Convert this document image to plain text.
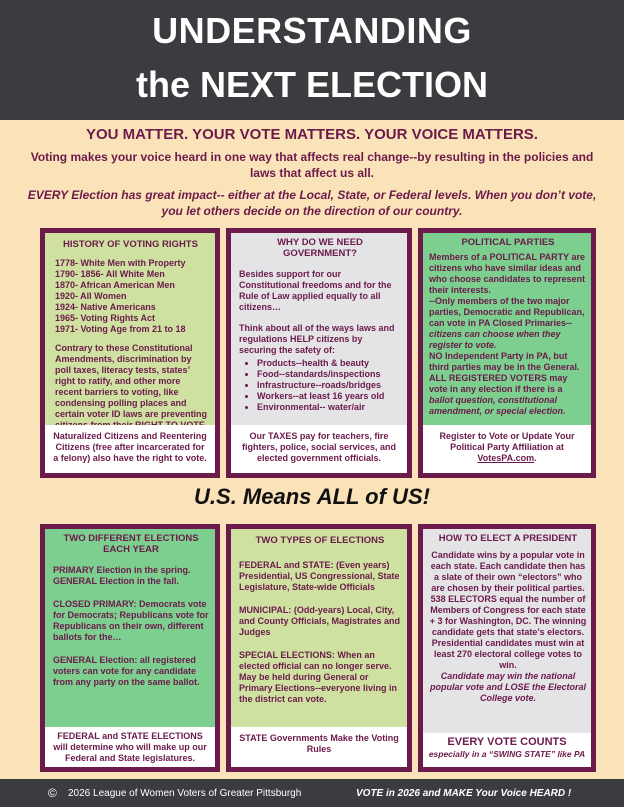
UNDERSTANDING
the NEXT ELECTION
YOU MATTER. YOUR VOTE MATTERS. YOUR VOICE MATTERS.
Voting makes your voice heard in one way that affects real change--by resulting in the policies and laws that affect us all.
EVERY Election has great impact-- either at the Local, State, or Federal levels. When you don’t vote, you let others decide on the direction of our country.
HISTORY OF VOTING RIGHTS
1778- White Men with Property
1790- 1856- All White Men
1870- African American Men
1920- All Women
1924- Native Americans
1965- Voting Rights Act
1971- Voting Age from 21 to 18
Contrary to these Constitutional Amendments, discrimination by poll taxes, literacy tests, states’ right to ratify, and other more recent barriers to voting, like condensing polling places and certain voter ID laws are preventing
Naturalized Citizens and Reentering Citizens (free after incarcerated for a felony) also have the right to vote.
WHY DO WE NEED GOVERNMENT?
Besides support for our Constitutional freedoms and for the Rule of Law applied equally to all citizens…
Think about all of the ways laws and regulations HELP citizens by securing the safety of:
• Products--health & beauty
• Food--standards/inspections
• Infrastructure--roads/bridges
• Workers--at least 16 years old
• Environmental-- water/air
Our TAXES pay for teachers, fire fighters, police, social services, and elected government officials.
POLITICAL PARTIES
Members of a POLITICAL PARTY are citizens who have similar ideas and who choose candidates to represent their interests.
--Only members of the two major parties, Democratic and Republican, can vote in PA Closed Primaries--citizens can choose when they register to vote.
NO Independent Party in PA, but third parties may be in the General.
ALL REGISTERED VOTERS may vote in any election if there is a ballot question, constitutional amendment, or special election.
Register to Vote or Update Your Political Party Affiliation at VotesPA.com.
U.S. Means ALL of US!
TWO DIFFERENT ELECTIONS
EACH YEAR
PRIMARY Election in the spring. GENERAL Election in the fall.
CLOSED PRIMARY: Democrats vote for Democrats; Republicans vote for Republicans on their own, different ballots for the…
GENERAL Election: all registered voters can vote for any candidate from any party on the same ballot.
FEDERAL and STATE ELECTIONS will determine who will make up our Federal and State legislatures.
TWO TYPES OF ELECTIONS
FEDERAL and STATE: (Even years) Presidential, US Congressional, State Legislature, State-wide Officials
MUNICIPAL: (Odd-years) Local, City, and County Officials, Magistrates and Judges
SPECIAL ELECTIONS: When an elected official can no longer serve. May be held during General or Primary Elections--everyone living in the district can vote.
STATE Governments Make the Voting Rules
HOW TO ELECT A PRESIDENT
Candidate wins by a popular vote in each state. Each candidate then has a slate of their own “electors” who are chosen by their political parties. 538 ELECTORS equal the number of Members of Congress for each state + 3 for Washington, DC. The winning candidate gets that state’s electors. Presidential candidates must win at least 270 electoral college votes to win.
Candidate may win the national popular vote and LOSE the Electoral College vote.
EVERY VOTE COUNTS
especially in a “SWING STATE” like PA
© 2026 League of Women Voters of Greater Pittsburgh	VOTE in 2026 and MAKE Your Voice HEARD !
